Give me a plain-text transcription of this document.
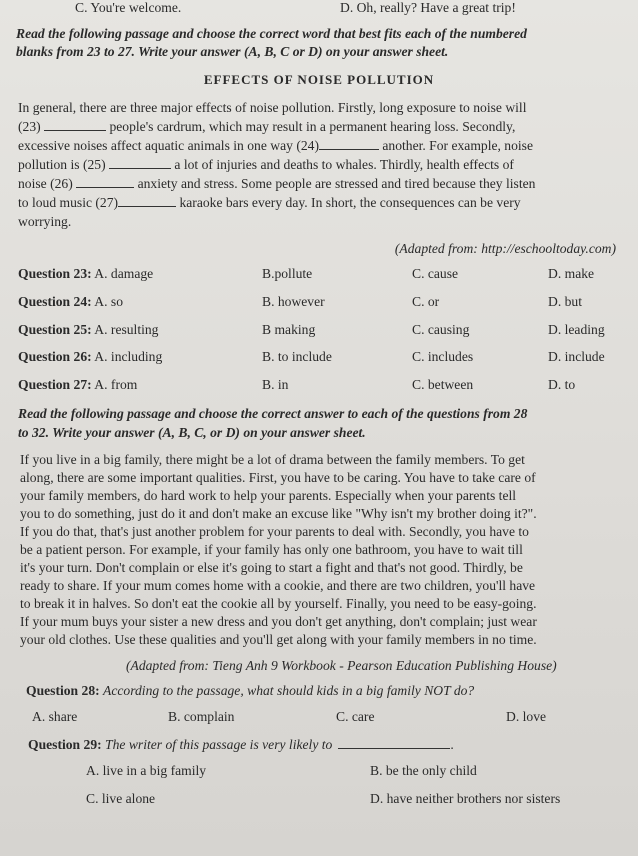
C. You're welcome.	D. Oh, really? Have a great trip!
Read the following passage and choose the correct word that best fits each of the numbered
blanks from 23 to 27. Write your answer (A, B, C or D) on your answer sheet.
EFFECTS OF NOISE POLLUTION
In general, there are three major effects of noise pollution. Firstly, long exposure to noise will
(23)	people's cardrum, which may result in a permanent hearing loss. Secondly,
excessive noises affect aquatic animals in one way (24)	another. For example, noise
pollution is (25)	a lot of injuries and deaths to whales. Thirdly, health effects of
noise (26)	anxiety and stress. Some people are stressed and tired because they listen
to loud music (27)	karaoke bars every day. In short, the consequences can be very
worrying.
(Adapted from: http://eschooltoday.com)
Question 23: A. damage	B.pollute	C. cause	D. make
Question 24: A. so	B. however	C. or	D. but
Question 25: A. resulting	B making	C. causing	D. leading
Question 26: A. including	B. to include	C. includes	D. include
Question 27: A. from	B. in	C. between	D. to
Read the following passage and choose the correct answer to each of the questions from 28
to 32. Write your answer (A, B, C, or D) on your answer sheet.
If you live in a big family, there might be a lot of drama between the family members. To get
along, there are some important qualities. First, you have to be caring. You have to take care of
your family members, do hard work to help your parents. Especially when your parents tell
you to do something, just do it and don't make an excuse like "Why isn't my brother doing it?".
If you do that, that's just another problem for your parents to deal with. Secondly, you have to
be a patient person. For example, if your family has only one bathroom, you have to wait till
it's your turn. Don't complain or else it's going to start a fight and that's not good. Thirdly, be
ready to share. If your mum comes home with a cookie, and there are two children, you'll have
to break it in halves. So don't eat the cookie all by yourself. Finally, you need to be easy-going.
If your mum buys your sister a new dress and you don't get anything, don't complain; just wear
your old clothes. Use these qualities and you'll get along with your family members in no time.
(Adapted from: Tieng Anh 9 Workbook - Pearson Education Publishing House)
Question 28: According to the passage, what should kids in a big family NOT do?
A. share	B. complain	C. care	D. love
Question 29: The writer of this passage is very likely to	.
A. live in a big family	B. be the only child
C. live alone	D. have neither brothers nor sisters
